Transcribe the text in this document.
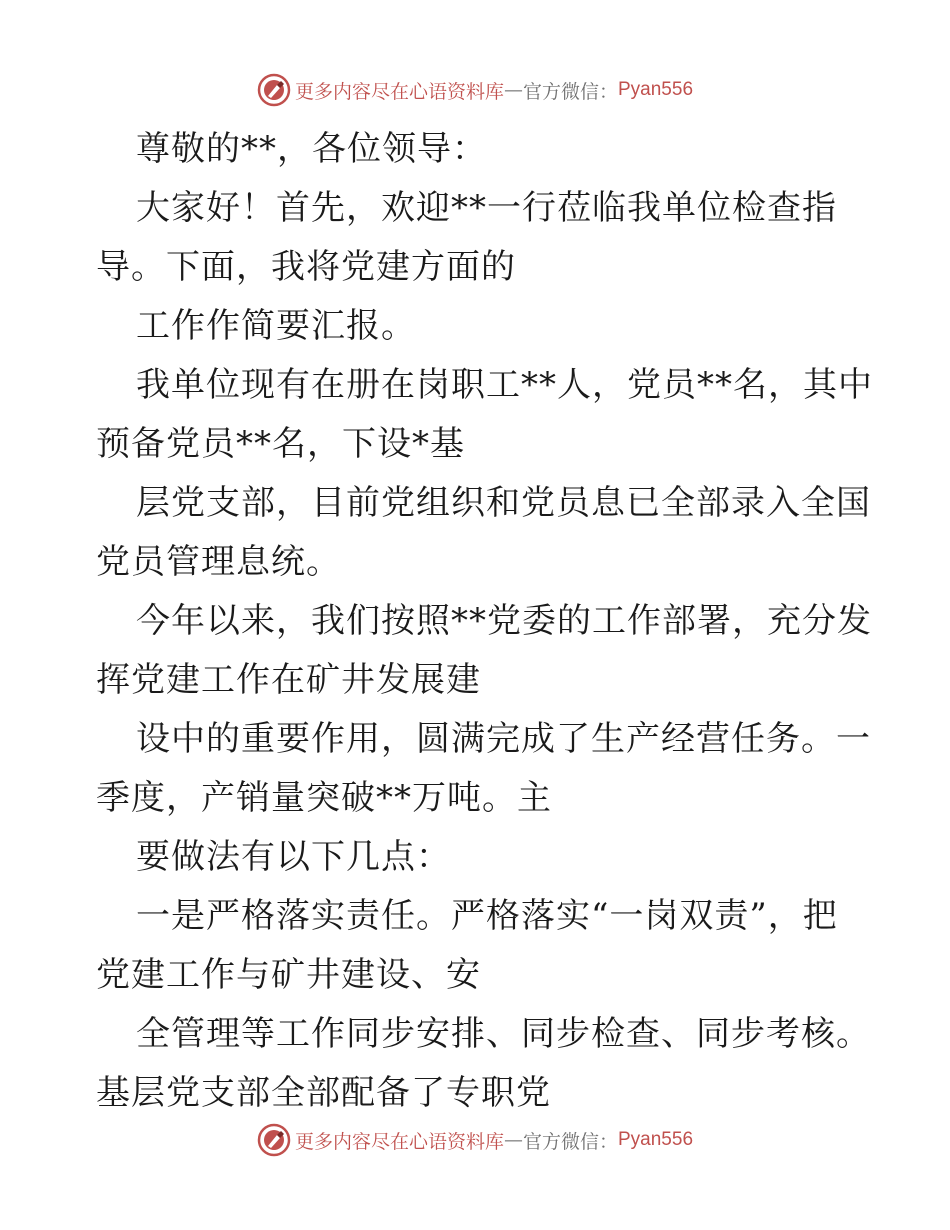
更多内容尽在心语资料库 — 官方微信： Pyan556
尊敬的**，各位领导：
大家好！首先，欢迎**一行莅临我单位检查指
导。下面，我将党建方面的
工作作简要汇报。
我单位现有在册在岗职工**人，党员**名，其中
预备党员**名，下设*基
层党支部，目前党组织和党员息已全部录入全国
党员管理息统。
今年以来，我们按照**党委的工作部署，充分发
挥党建工作在矿井发展建
设中的重要作用，圆满完成了生产经营任务。一
季度，产销量突破**万吨。主
要做法有以下几点：
一是严格落实责任。严格落实“一岗双责”，把
党建工作与矿井建设、安
全管理等工作同步安排、同步检查、同步考核。
基层党支部全部配备了专职党
更多内容尽在心语资料库 — 官方微信： Pyan556
